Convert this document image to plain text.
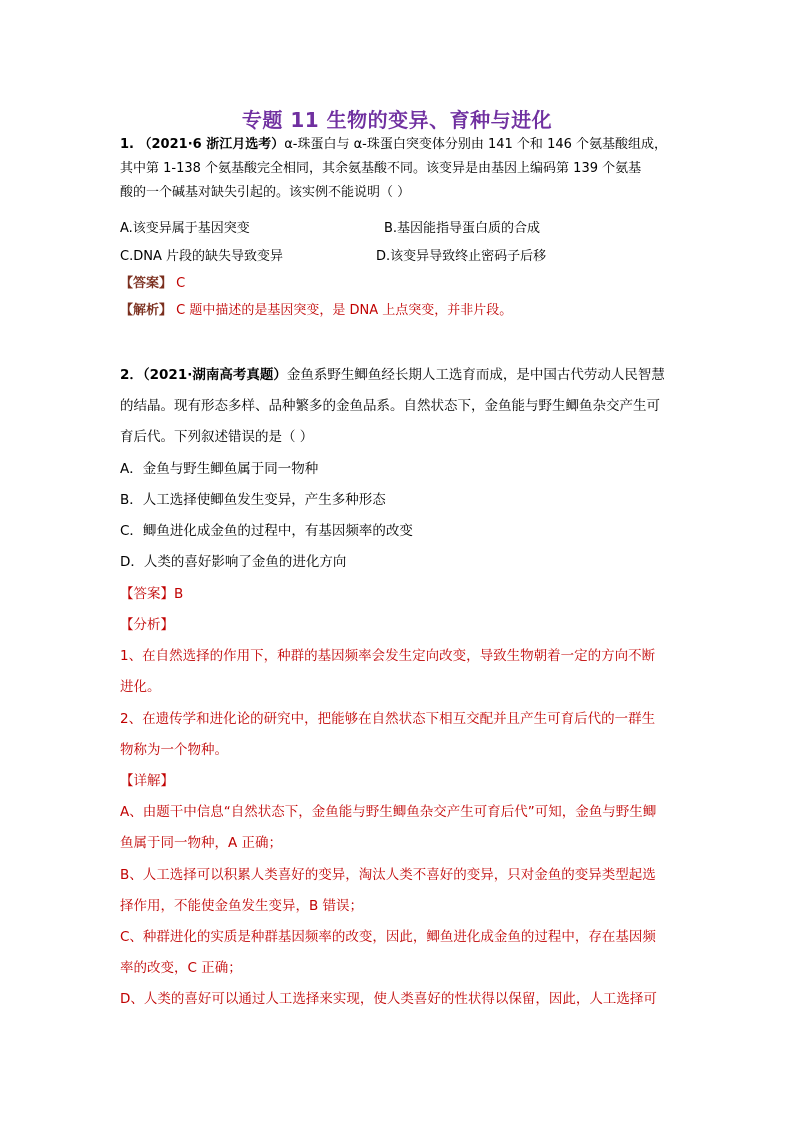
专题 11 生物的变异、育种与进化
1. （2021·6 浙江月选考）α-珠蛋白与 α-珠蛋白突变体分别由 141 个和 146 个氨基酸组成，
其中第 1-138 个氨基酸完全相同，其余氨基酸不同。该变异是由基因上编码第 139 个氨基
酸的一个碱基对缺失引起的。该实例不能说明（ ）
A.该变异属于基因突变	B.基因能指导蛋白质的合成
C.DNA 片段的缺失导致变异	D.该变异导致终止密码子后移
【答案】 C
【解析】 C 题中描述的是基因突变，是 DNA 上点突变，并非片段。
2．（2021·湖南高考真题）金鱼系野生鲫鱼经长期人工选育而成，是中国古代劳动人民智慧
的结晶。现有形态多样、品种繁多的金鱼品系。自然状态下，金鱼能与野生鲫鱼杂交产生可
育后代。下列叙述错误的是（ ）
A．金鱼与野生鲫鱼属于同一物种
B．人工选择使鲫鱼发生变异，产生多种形态
C．鲫鱼进化成金鱼的过程中，有基因频率的改变
D．人类的喜好影响了金鱼的进化方向
【答案】B
【分析】
1、在自然选择的作用下，种群的基因频率会发生定向改变，导致生物朝着一定的方向不断
进化。
2、在遗传学和进化论的研究中，把能够在自然状态下相互交配并且产生可育后代的一群生
物称为一个物种。
【详解】
A、由题干中信息“自然状态下，金鱼能与野生鲫鱼杂交产生可育后代”可知，金鱼与野生鲫
鱼属于同一物种，A 正确；
B、人工选择可以积累人类喜好的变异，淘汰人类不喜好的变异，只对金鱼的变异类型起选
择作用，不能使金鱼发生变异，B 错误；
C、种群进化的实质是种群基因频率的改变，因此，鲫鱼进化成金鱼的过程中，存在基因频
率的改变，C 正确；
D、人类的喜好可以通过人工选择来实现，使人类喜好的性状得以保留，因此，人工选择可
